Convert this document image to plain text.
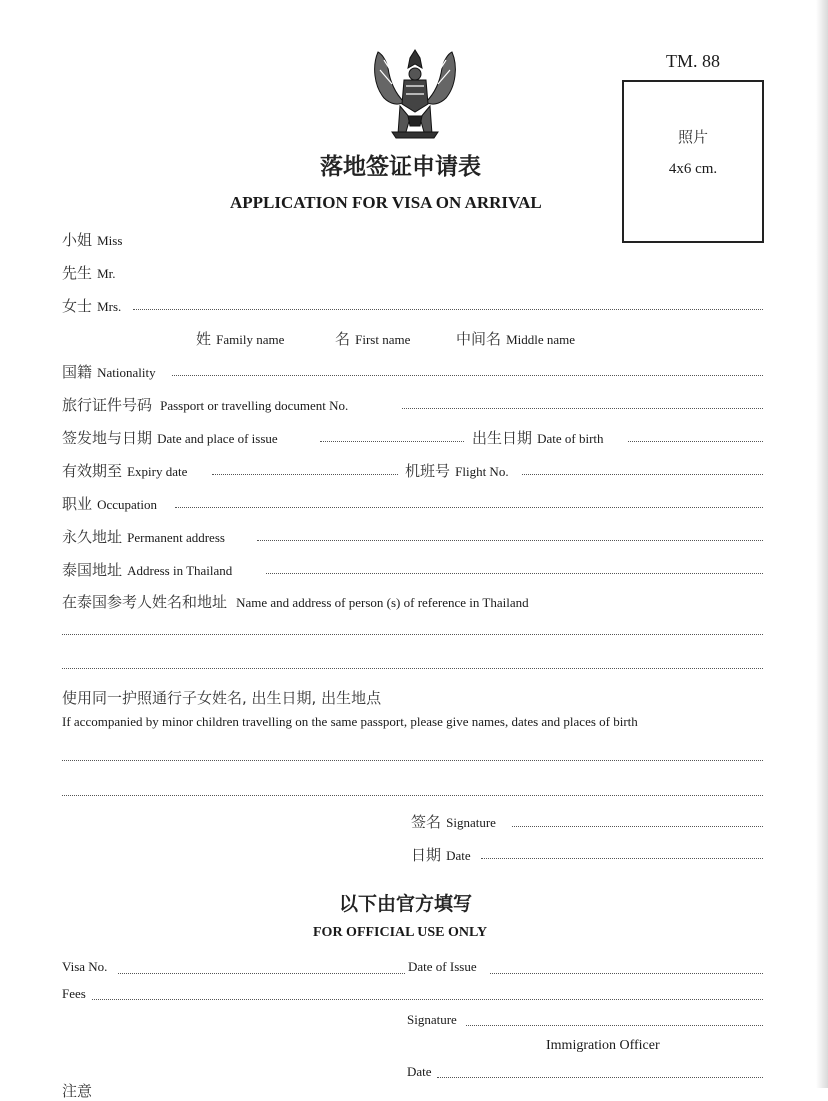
TM. 88
落地签证申请表
APPLICATION FOR VISA ON ARRIVAL
照片
4x6 cm.
小姐 Miss
先生 Mr.
女士 Mrs.
姓 Family name	名 First name	中间名 Middle name
国籍 Nationality
旅行证件号码 Passport or travelling document No.
签发地与日期 Date and place of issue	出生日期 Date of birth
有效期至 Expiry date	机班号 Flight No.
职业 Occupation
永久地址 Permanent address
泰国地址 Address in Thailand
在泰国参考人姓名和地址 Name and address of person (s) of reference in Thailand
使用同一护照通行子女姓名, 出生日期, 出生地点
If accompanied by minor children travelling on the same passport, please give names, dates and places of birth
签名 Signature
日期 Date
以下由官方填写
FOR OFFICIAL USE ONLY
Visa No.	Date of Issue
Fees
Signature
Immigration Officer
Date
注意
